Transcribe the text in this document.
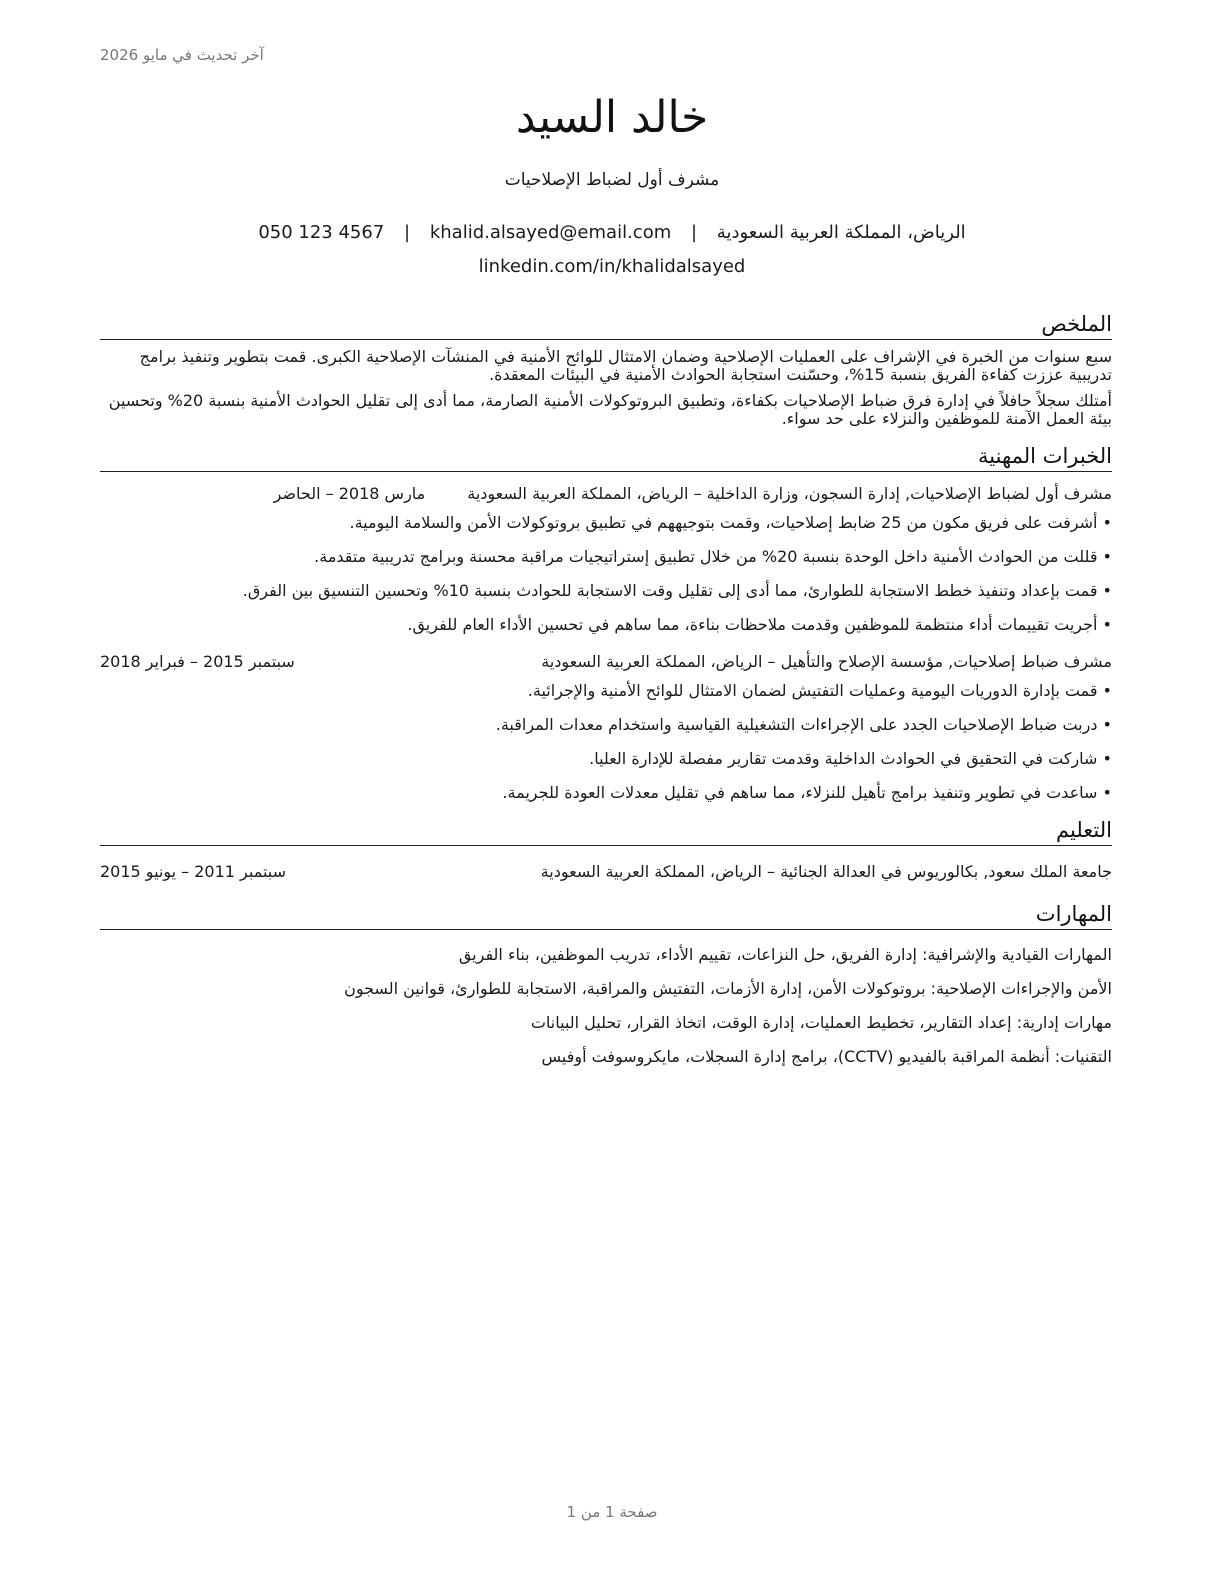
آخر تحديث في مايو 2026
خالد السيد
مشرف أول لضباط الإصلاحيات
الرياض، المملكة العربية السعودية | khalid.alsayed@email.com | 050 123 4567
linkedin.com/in/khalidalsayed
الملخص

سبع سنوات من الخبرة في الإشراف على العمليات الإصلاحية وضمان الامتثال للوائح الأمنية في المنشآت الإصلاحية الكبرى. قمت بتطوير وتنفيذ برامج تدريبية عززت كفاءة الفريق بنسبة 15%، وحسّنت استجابة الحوادث الأمنية في البيئات المعقدة.

أمتلك سجلاً حافلاً في إدارة فرق ضباط الإصلاحيات بكفاءة، وتطبيق البروتوكولات الأمنية الصارمة، مما أدى إلى تقليل الحوادث الأمنية بنسبة 20% وتحسين بيئة العمل الآمنة للموظفين والنزلاء على حد سواء.

الخبرات المهنية
مشرف أول لضباط الإصلاحيات, إدارة السجون، وزارة الداخلية – الرياض، المملكة العربية السعودية
مارس 2018 – الحاضر
• أشرفت على فريق مكون من 25 ضابط إصلاحيات، وقمت بتوجيههم في تطبيق بروتوكولات الأمن والسلامة اليومية.
• قللت من الحوادث الأمنية داخل الوحدة بنسبة 20% من خلال تطبيق إستراتيجيات مراقبة محسنة وبرامج تدريبية متقدمة.
• قمت بإعداد وتنفيذ خطط الاستجابة للطوارئ، مما أدى إلى تقليل وقت الاستجابة للحوادث بنسبة 10% وتحسين التنسيق بين الفرق.
• أجريت تقييمات أداء منتظمة للموظفين وقدمت ملاحظات بناءة، مما ساهم في تحسين الأداء العام للفريق.
مشرف ضباط إصلاحيات, مؤسسة الإصلاح والتأهيل – الرياض، المملكة العربية السعودية
سبتمبر 2015 – فبراير 2018
• قمت بإدارة الدوريات اليومية وعمليات التفتيش لضمان الامتثال للوائح الأمنية والإجرائية.
• دربت ضباط الإصلاحيات الجدد على الإجراءات التشغيلية القياسية واستخدام معدات المراقبة.
• شاركت في التحقيق في الحوادث الداخلية وقدمت تقارير مفصلة للإدارة العليا.
• ساعدت في تطوير وتنفيذ برامج تأهيل للنزلاء، مما ساهم في تقليل معدلات العودة للجريمة.
التعليم
جامعة الملك سعود, بكالوريوس في العدالة الجنائية – الرياض، المملكة العربية السعودية
سبتمبر 2011 – يونيو 2015
المهارات
المهارات القيادية والإشرافية: إدارة الفريق، حل النزاعات، تقييم الأداء، تدريب الموظفين، بناء الفريق
الأمن والإجراءات الإصلاحية: بروتوكولات الأمن، إدارة الأزمات، التفتيش والمراقبة، الاستجابة للطوارئ، قوانين السجون
مهارات إدارية: إعداد التقارير، تخطيط العمليات، إدارة الوقت، اتخاذ القرار، تحليل البيانات
التقنيات: أنظمة المراقبة بالفيديو (CCTV)، برامج إدارة السجلات، مايكروسوفت أوفيس
صفحة 1 من 1
